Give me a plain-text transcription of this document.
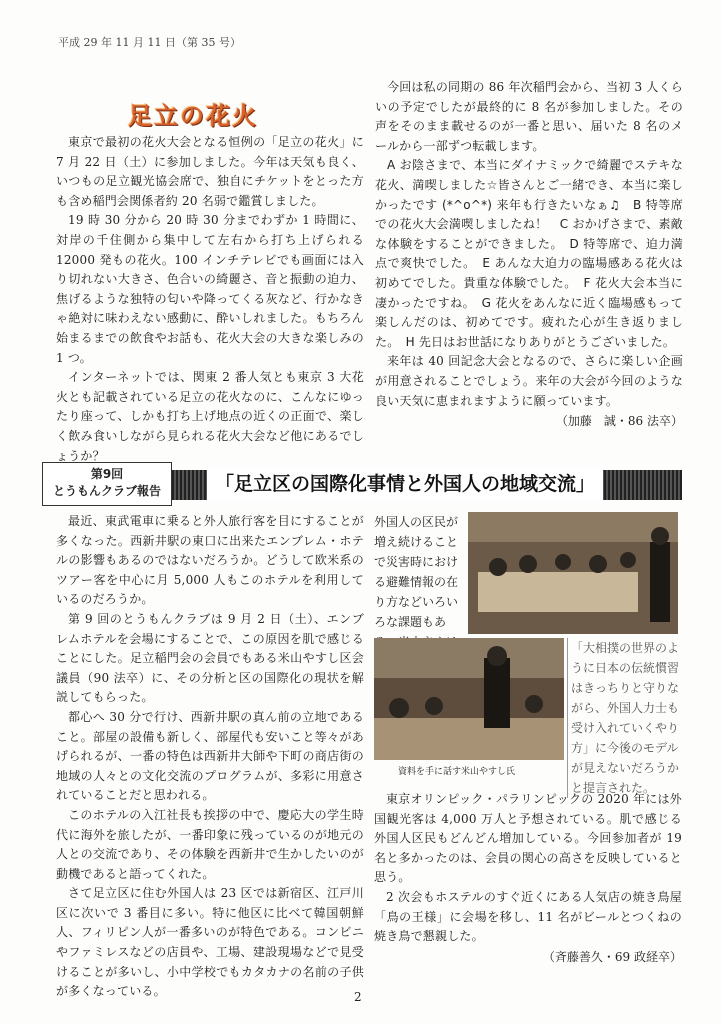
平成 29 年 11 月 11 日（第 35 号）
足立の花火

東京で最初の花火大会となる恒例の「足立の花火」に 7 月 22 日（土）に参加しました。今年は天気も良く、いつもの足立観光協会席で、独自にチケットをとった方も含め稲門会関係者約 20 名弱で鑑賞しました。

19 時 30 分から 20 時 30 分までわずか 1 時間に、対岸の千住側から集中して左右から打ち上げられる 12000 発もの花火。100 インチテレビでも画面には入り切れない大きさ、色合いの綺麗さ、音と振動の迫力、焦げるような独特の匂いや降ってくる灰など、行かなきゃ絶対に味わえない感動に、酔いしれました。もちろん始まるまでの飲食やお話も、花火大会の大きな楽しみの 1 つ。

インターネットでは、関東 2 番人気とも東京 3 大花火とも記載されている足立の花火なのに、こんなにゆったり座って、しかも打ち上げ地点の近くの正面で、楽しく飲み食いしながら見られる花火大会など他にあるでしょうか？

今回は私の同期の 86 年次稲門会から、当初 3 人くらいの予定でしたが最終的に 8 名が参加しました。その声をそのまま載せるのが一番と思い、届いた 8 名のメールから一部ずつ転載します。

A お陰さまで、本当にダイナミックで綺麗でステキな花火、満喫しました☆皆さんとご一緒でき、本当に楽しかったです (*^o^*) 来年も行きたいなぁ♫　B 特等席での花火大会満喫しましたね！　C おかげさまで、素敵な体験をすることができました。　D 特等席で、迫力満点で爽快でした。　E あんな大迫力の臨場感ある花火は初めてでした。貴重な体験でした。　F 花火大会本当に凄かったですね。　G 花火をあんなに近く臨場感もって楽しんだのは、初めてです。疲れた心が生き返りました。　H 先日はお世話になりありがとうございました。

来年は 40 回記念大会となるので、さらに楽しい企画が用意されることでしょう。来年の大会が今回のような良い天気に恵まれますように願っています。

（加藤　誠・86 法卒）
第9回
とうもんクラブ報告	「足立区の国際化事情と外国人の地域交流」

最近、東武電車に乗ると外人旅行客を目にすることが多くなった。西新井駅の東口に出来たエンブレム・ホテルの影響もあるのではないだろうか。どうして欧米系のツアー客を中心に月 5,000 人もこのホテルを利用しているのだろうか。

第 9 回のとうもんクラブは 9 月 2 日（土）、エンブレムホテルを会場にすることで、この原因を肌で感じることにした。足立稲門会の会員でもある米山やすし区会議員（90 法卒）に、その分析と区の国際化の現状を解説してもらった。

都心へ 30 分で行け、西新井駅の真ん前の立地であること。部屋の設備も新しく、部屋代も安いこと等々があげられるが、一番の特色は西新井大師や下町の商店街の地域の人々との文化交流のプログラムが、多彩に用意されていることだと思われる。

このホテルの入江社長も挨拶の中で、慶応大の学生時代に海外を旅したが、一番印象に残っているのが地元の人との交流であり、その体験を西新井で生かしたいのが動機であると語ってくれた。

さて足立区に住む外国人は 23 区では新宿区、江戸川区に次いで 3 番目に多い。特に他区に比べて韓国朝鮮人、フィリピン人が一番多いのが特色である。コンビニやファミレスなどの店員や、工場、建設現場などで見受けることが多いし、小中学校でもカタカナの名前の子供が多くなっている。

外国人の区民が増え続けることで災害時における避難情報の在り方などいろいろな課題もあ

資料を手に話す米山やすし氏
「大相撲の世界のように日本の伝統慣習はきっちりと守りながら、外国人力士も受け入れていくやり方」に今後のモデルが見えないだろうかと提言された。

東京オリンピック・パラリンピックの 2020 年には外国観光客は 4,000 万人と予想されている。肌で感じる外国人区民もどんどん増加している。今回参加者が 19 名と多かったのは、会員の関心の高さを反映していると思う。

2 次会もホステルのすぐ近くにある人気店の焼き鳥屋「鳥の王様」に会場を移し、11 名がビールとつくねの焼き鳥で懇親した。

（斉藤善久・69 政経卒）
2
